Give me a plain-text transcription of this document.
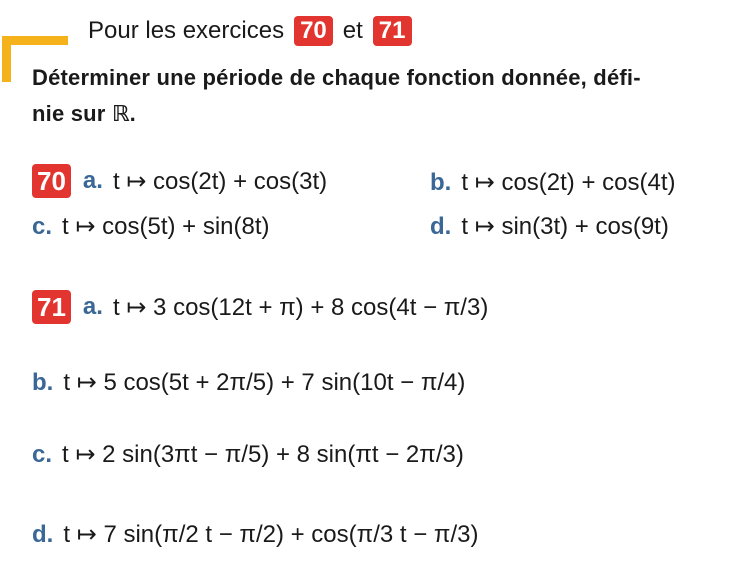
Pour les exercices 70 et 71
Déterminer une période de chaque fonction donnée, défi-
nie sur ℝ.
70 a. t ↦ cos(2t) + cos(3t)	b. t ↦ cos(2t) + cos(4t)
c. t ↦ cos(5t) + sin(8t)	d. t ↦ sin(3t) + cos(9t)
71 a. t ↦ 3 cos(12t + π) + 8 cos(4t − π/3)
b. t ↦ 5 cos(5t + 2π/5) + 7 sin(10t − π/4)
c. t ↦ 2 sin(3πt − π/5) + 8 sin(πt − 2π/3)
d. t ↦ 7 sin(π/2 t − π/2) + cos(π/3 t − π/3)
